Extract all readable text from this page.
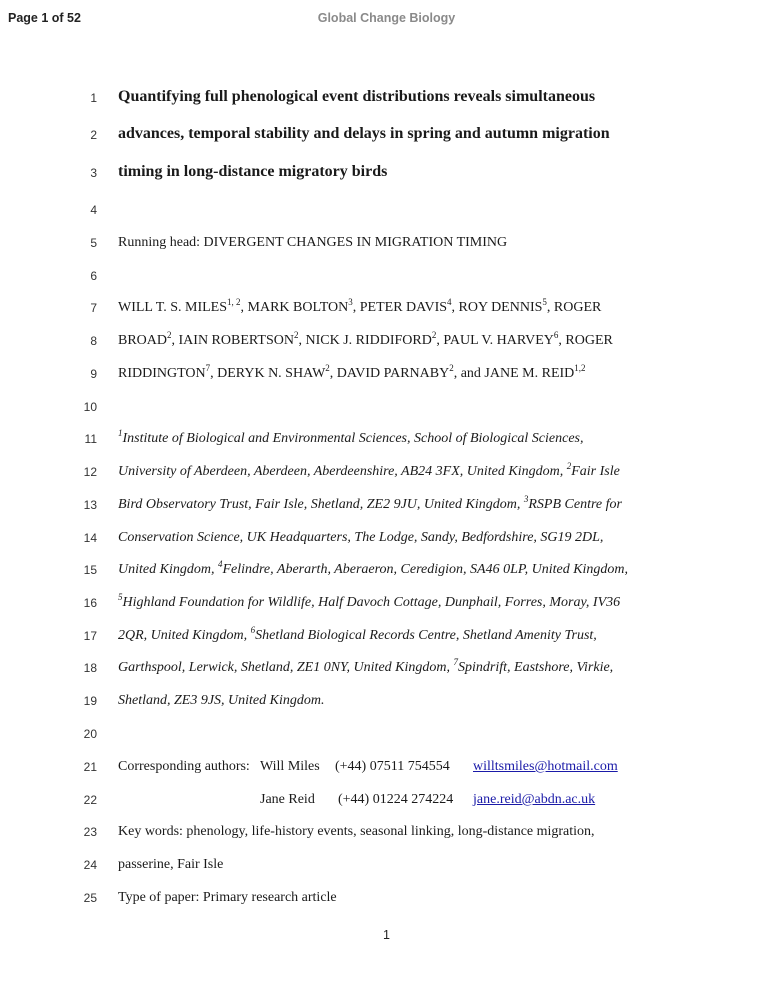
Page 1 of 52	Global Change Biology
1 Quantifying full phenological event distributions reveals simultaneous
2 advances, temporal stability and delays in spring and autumn migration
3 timing in long-distance migratory birds
4
5 Running head: DIVERGENT CHANGES IN MIGRATION TIMING
6
7 WILL T. S. MILES$^{1, 2}$, MARK BOLTON$^3$, PETER DAVIS$^4$, ROY DENNIS$^5$, ROGER
8 BROAD$^2$, IAIN ROBERTSON$^2$, NICK J. RIDDIFORD$^2$, PAUL V. HARVEY$^6$, ROGER
9 RIDDINGTON$^7$, DERYK N. SHAW$^2$, DAVID PARNABY$^2$, and JANE M. REID$^{1,2}$
10
11 $^1$Institute of Biological and Environmental Sciences, School of Biological Sciences,
12 University of Aberdeen, Aberdeen, Aberdeenshire, AB24 3FX, United Kingdom, $^2$Fair Isle
13 Bird Observatory Trust, Fair Isle, Shetland, ZE2 9JU, United Kingdom, $^3$RSPB Centre for
14 Conservation Science, UK Headquarters, The Lodge, Sandy, Bedfordshire, SG19 2DL,
15 United Kingdom, $^4$Felindre, Aberarth, Aberaeron, Ceredigion, SA46 0LP, United Kingdom,
16 $^5$Highland Foundation for Wildlife, Half Davoch Cottage, Dunphail, Forres, Moray, IV36
17 2QR, United Kingdom, $^6$Shetland Biological Records Centre, Shetland Amenity Trust,
18 Garthspool, Lerwick, Shetland, ZE1 0NY, United Kingdom, $^7$Spindrift, Eastshore, Virkie,
19 Shetland, ZE3 9JS, United Kingdom.
20
21 Corresponding authors: Will Miles (+44) 07511 754554 willtsmiles@hotmail.com
22	Jane Reid (+44) 01224 274224 jane.reid@abdn.ac.uk
23 Key words: phenology, life-history events, seasonal linking, long-distance migration,
24 passerine, Fair Isle
25 Type of paper: Primary research article
1
